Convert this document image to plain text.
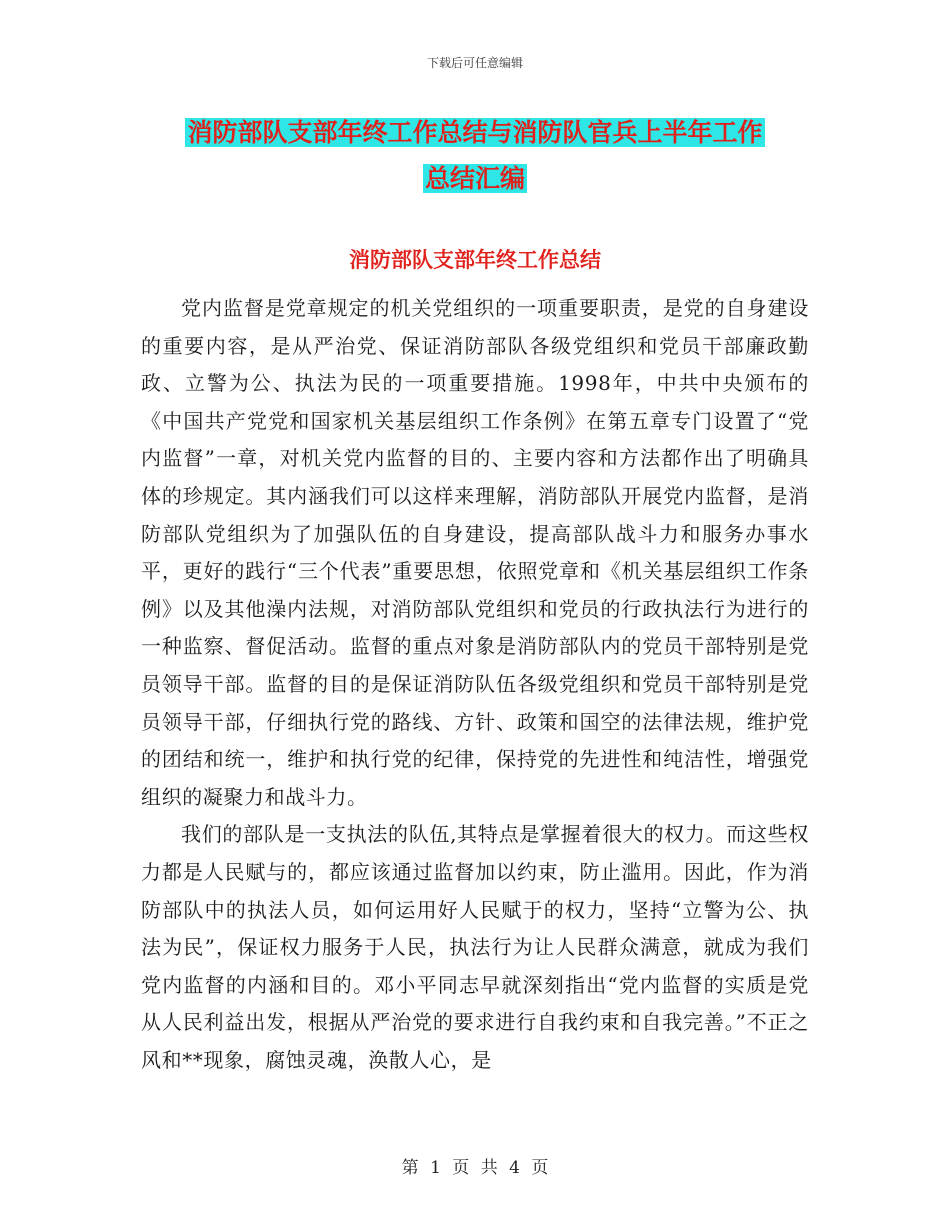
下载后可任意编辑
消防部队支部年终工作总结与消防队官兵上半年工作
总结汇编
消防部队支部年终工作总结

党内监督是党章规定的机关党组织的一项重要职责，是党的自身建设的重要内容，是从严治党、保证消防部队各级党组织和党员干部廉政勤政、立警为公、执法为民的一项重要措施。1998年，中共中央颁布的《中国共产党党和国家机关基层组织工作条例》在第五章专门设置了“党内监督”一章，对机关党内监督的目的、主要内容和方法都作出了明确具体的珍规定。其内涵我们可以这样来理解，消防部队开展党内监督，是消防部队党组织为了加强队伍的自身建设，提高部队战斗力和服务办事水平，更好的践行“三个代表”重要思想，依照党章和《机关基层组织工作条例》以及其他澡内法规，对消防部队党组织和党员的行政执法行为进行的一种监察、督促活动。监督的重点对象是消防部队内的党员干部特别是党员领导干部。监督的目的是保证消防队伍各级党组织和党员干部特别是党员领导干部，仔细执行党的路线、方针、政策和国空的法律法规，维护党的团结和统一，维护和执行党的纪律，保持党的先进性和纯洁性，增强党组织的凝聚力和战斗力。

我们的部队是一支执法的队伍,其特点是掌握着很大的权力。而这些权力都是人民赋与的，都应该通过监督加以约束，防止滥用。因此，作为消防部队中的执法人员，如何运用好人民赋于的权力，坚持“立警为公、执法为民”，保证权力服务于人民，执法行为让人民群众满意，就成为我们党内监督的内涵和目的。邓小平同志早就深刻指出“党内监督的实质是党从人民利益出发，根据从严治党的要求进行自我约束和自我完善。”不正之风和**现象，腐蚀灵魂，涣散人心，是

第 1 页 共 4 页
